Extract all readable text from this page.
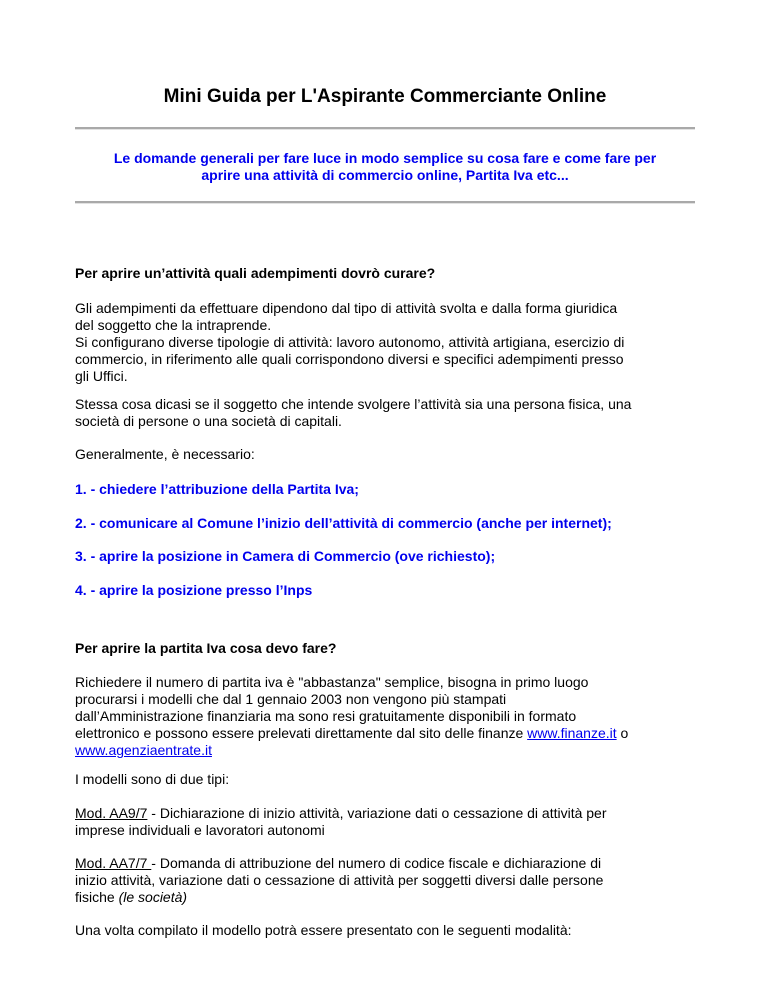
Mini Guida per L'Aspirante Commerciante Online
Le domande generali per fare luce in modo semplice su cosa fare e come fare per
aprire una attività di commercio online, Partita Iva etc...
Per aprire un’attività quali adempimenti dovrò curare?
Gli adempimenti da effettuare dipendono dal tipo di attività svolta e dalla forma giuridica
del soggetto che la intraprende.
Si configurano diverse tipologie di attività: lavoro autonomo, attività artigiana, esercizio di
commercio, in riferimento alle quali corrispondono diversi e specifici adempimenti presso
gli Uffici.
Stessa cosa dicasi se il soggetto che intende svolgere l’attività sia una persona fisica, una
società di persone o una società di capitali.
Generalmente, è necessario:
1. - chiedere l’attribuzione della Partita Iva;
2. - comunicare al Comune l’inizio dell’attività di commercio (anche per internet);
3. - aprire la posizione in Camera di Commercio (ove richiesto);
4. - aprire la posizione presso l’Inps
Per aprire la partita Iva cosa devo fare?
Richiedere il numero di partita iva è "abbastanza" semplice, bisogna in primo luogo
procurarsi i modelli che dal 1 gennaio 2003 non vengono più stampati
dall’Amministrazione finanziaria ma sono resi gratuitamente disponibili in formato
elettronico e possono essere prelevati direttamente dal sito delle finanze www.finanze.it o
www.agenziaentrate.it
I modelli sono di due tipi:
Mod. AA9/7 - Dichiarazione di inizio attività, variazione dati o cessazione di attività per
imprese individuali e lavoratori autonomi
Mod. AA7/7 - Domanda di attribuzione del numero di codice fiscale e dichiarazione di
inizio attività, variazione dati o cessazione di attività per soggetti diversi dalle persone
fisiche (le società)
Una volta compilato il modello potrà essere presentato con le seguenti modalità:
